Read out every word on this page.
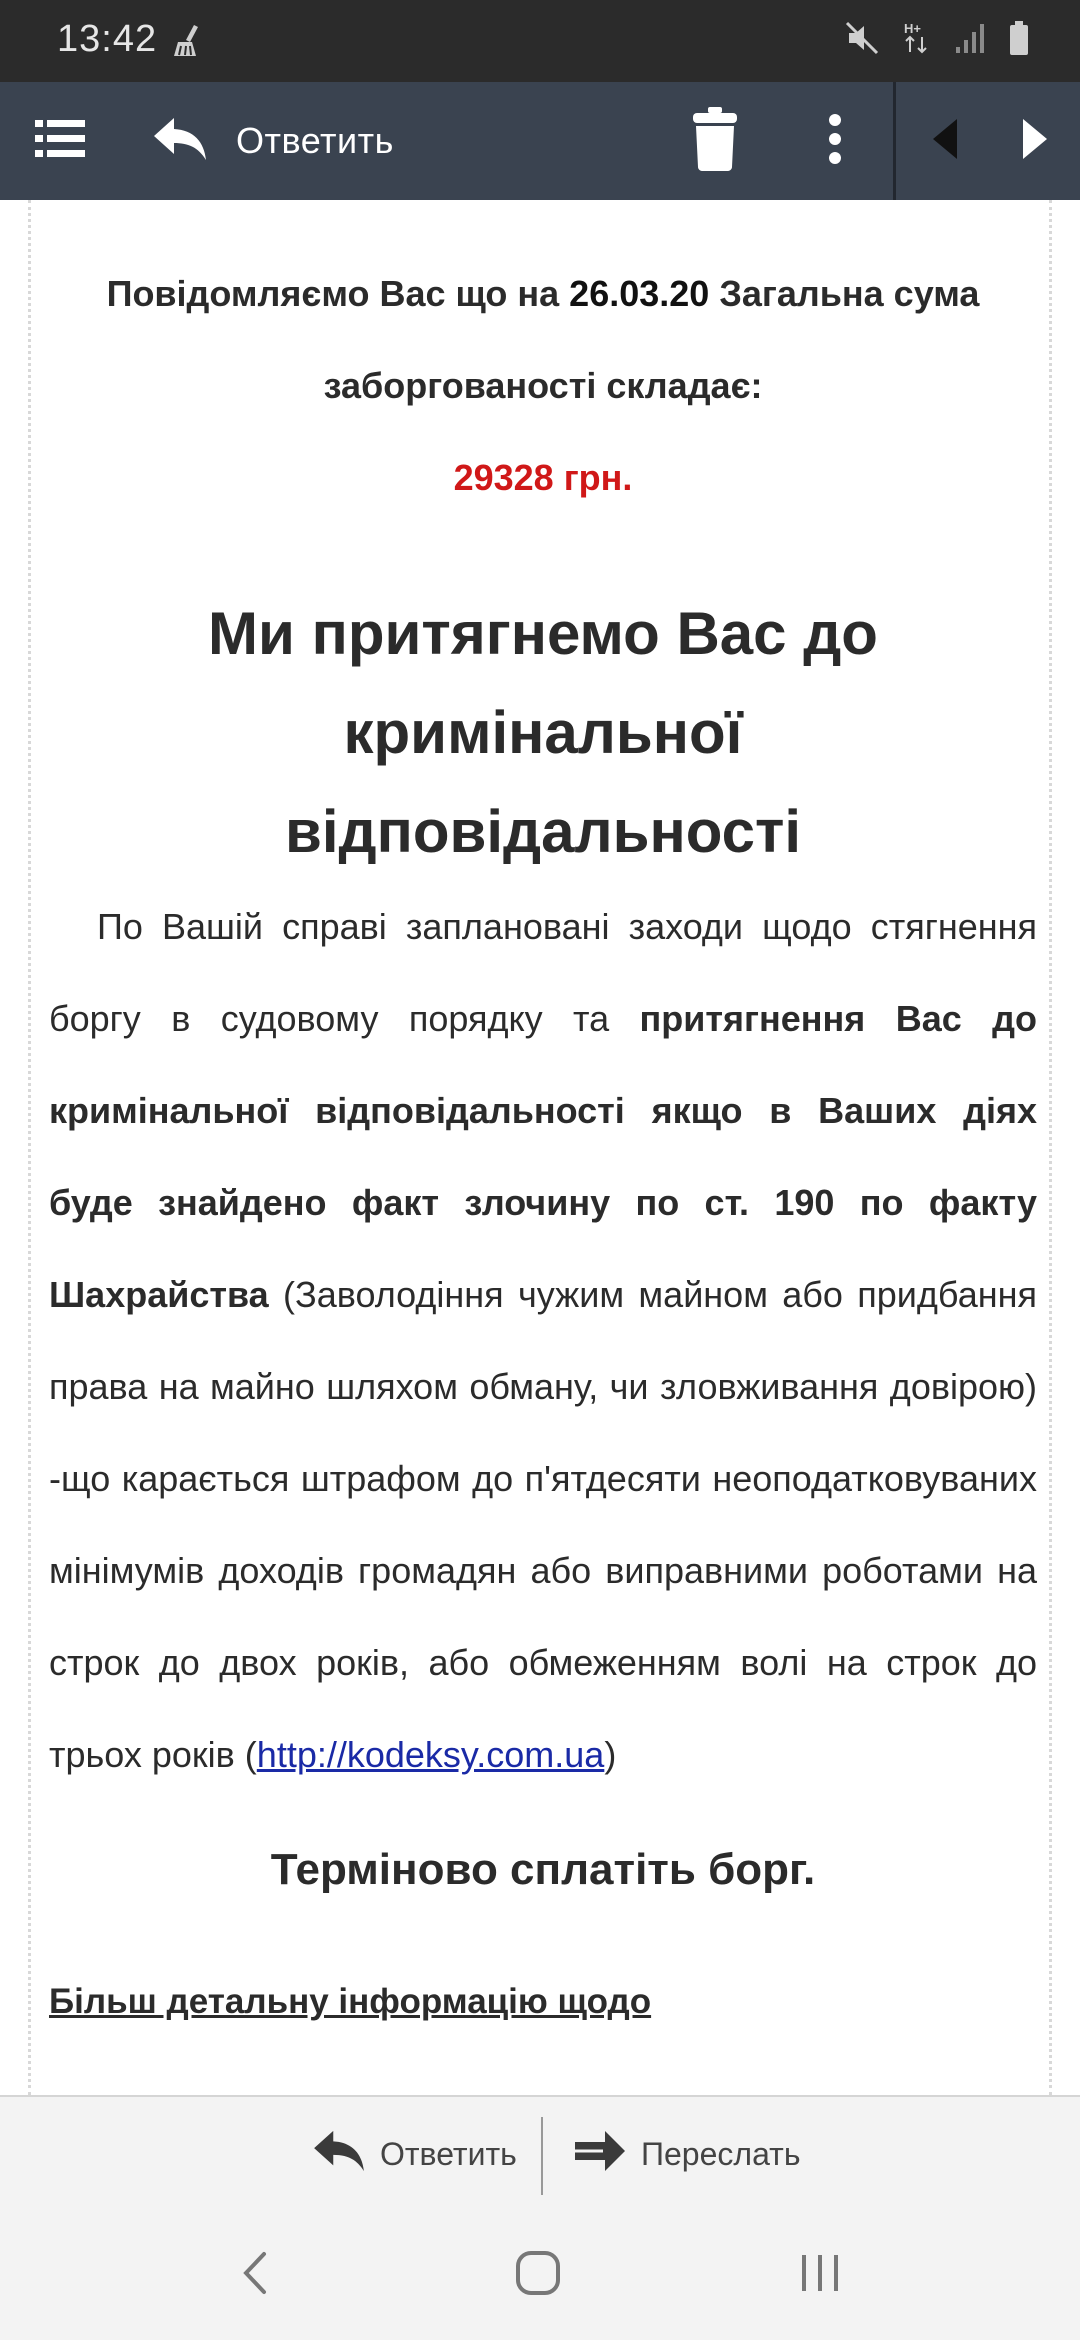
13:42	H+
Ответить
Повідомляємо Вас що на 26.03.20 Загальна сума
заборгованості складає:
29328 грн.
Ми притягнемо Вас до кримінальної відповідальності

По Вашій справі заплановані заходи щодо стягнення боргу в судовому порядку та притягнення Вас до кримінальної відповідальності якщо в Ваших діях буде знайдено факт злочину по ст. 190 по факту Шахрайства (Заволодіння чужим майном або придбання права на майно шляхом обману, чи зловживання довірою) -що карається штрафом до п'ятдесяти неоподатковуваних мінімумів доходів громадян або виправними роботами на строк до двох років, або обмеженням волі на строк до трьох років (http://kodeksy.com.ua)

Терміново сплатіть борг.
Більш детальну інформацію щодо
Ответить	Переслать
